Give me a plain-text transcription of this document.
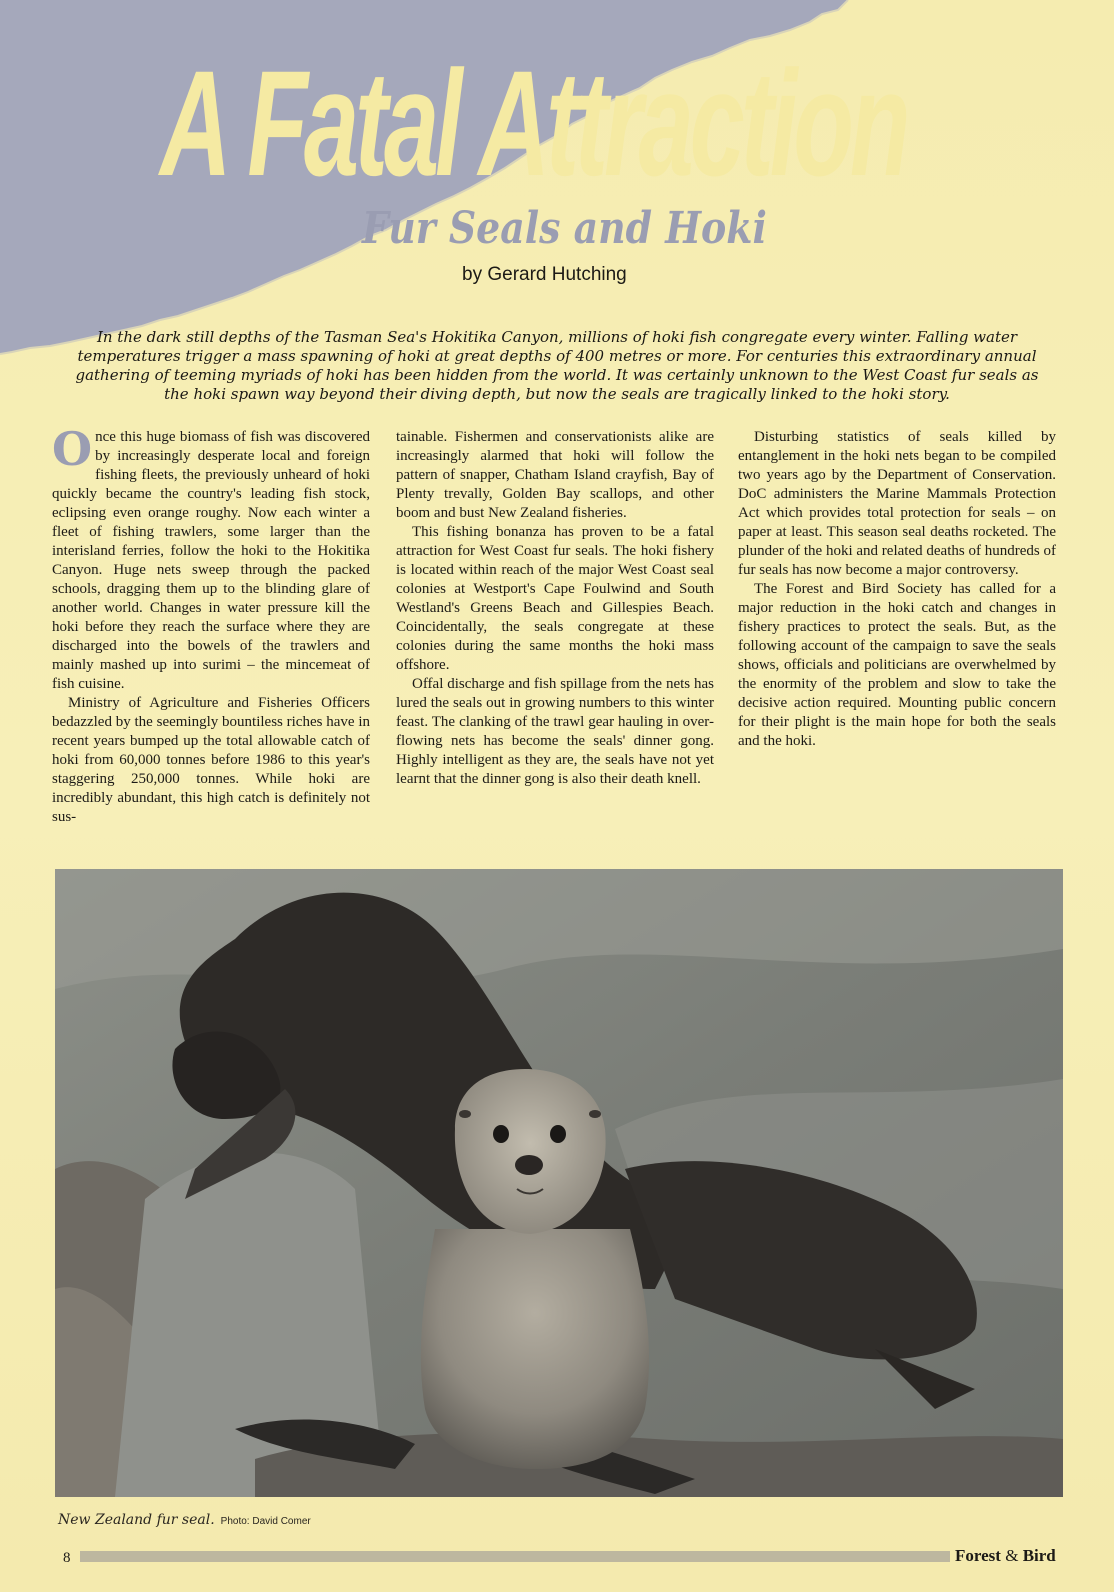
A Fatal Attraction
Fur Seals and Hoki
by Gerard Hutching

In the dark still depths of the Tasman Sea's Hokitika Canyon, millions of hoki fish congregate every winter. Falling water temperatures trigger a mass spawning of hoki at great depths of 400 metres or more. For centuries this extraordinary annual gathering of teeming myriads of hoki has been hidden from the world. It was certainly unknown to the West Coast fur seals as the hoki spawn way beyond their diving depth, but now the seals are tragically linked to the hoki story.

Once this huge biomass of fish was discovered by increasingly desperate local and foreign fishing fleets, the previously unheard of hoki quickly became the country's leading fish stock, eclipsing even orange roughy. Now each winter a fleet of fishing trawlers, some larger than the interisland ferries, follow the hoki to the Hokitika Canyon. Huge nets sweep through the packed schools, dragging them up to the blinding glare of another world. Changes in water pressure kill the hoki before they reach the surface where they are discharged into the bowels of the trawlers and mainly mashed up into surimi – the mincemeat of fish cuisine.

Ministry of Agriculture and Fisheries Officers bedazzled by the seemingly bountiless riches have in recent years bumped up the total allowable catch of hoki from 60,000 tonnes before 1986 to this year's staggering 250,000 tonnes. While hoki are incredibly abundant, this high catch is definitely not sus-

tainable. Fishermen and conservationists alike are increasingly alarmed that hoki will follow the pattern of snapper, Chatham Island crayfish, Bay of Plenty trevally, Golden Bay scallops, and other boom and bust New Zealand fisheries.

This fishing bonanza has proven to be a fatal attraction for West Coast fur seals. The hoki fishery is located within reach of the major West Coast seal colonies at Westport's Cape Foulwind and South Westland's Greens Beach and Gillespies Beach. Coincidentally, the seals congregate at these colonies during the same months the hoki mass offshore.

Offal discharge and fish spillage from the nets has lured the seals out in growing numbers to this winter feast. The clanking of the trawl gear hauling in over-flowing nets has become the seals' dinner gong. Highly intelligent as they are, the seals have not yet learnt that the dinner gong is also their death knell.

Disturbing statistics of seals killed by entanglement in the hoki nets began to be compiled two years ago by the Department of Conservation. DoC administers the Marine Mammals Protection Act which provides total protection for seals – on paper at least. This season seal deaths rocketed. The plunder of the hoki and related deaths of hundreds of fur seals has now become a major controversy.

The Forest and Bird Society has called for a major reduction in the hoki catch and changes in fishery practices to protect the seals. But, as the following account of the campaign to save the seals shows, officials and politicians are overwhelmed by the enormity of the problem and slow to take the decisive action required. Mounting public concern for their plight is the main hope for both the seals and the hoki.

New Zealand fur seal. Photo: David Comer
8	Forest & Bird
